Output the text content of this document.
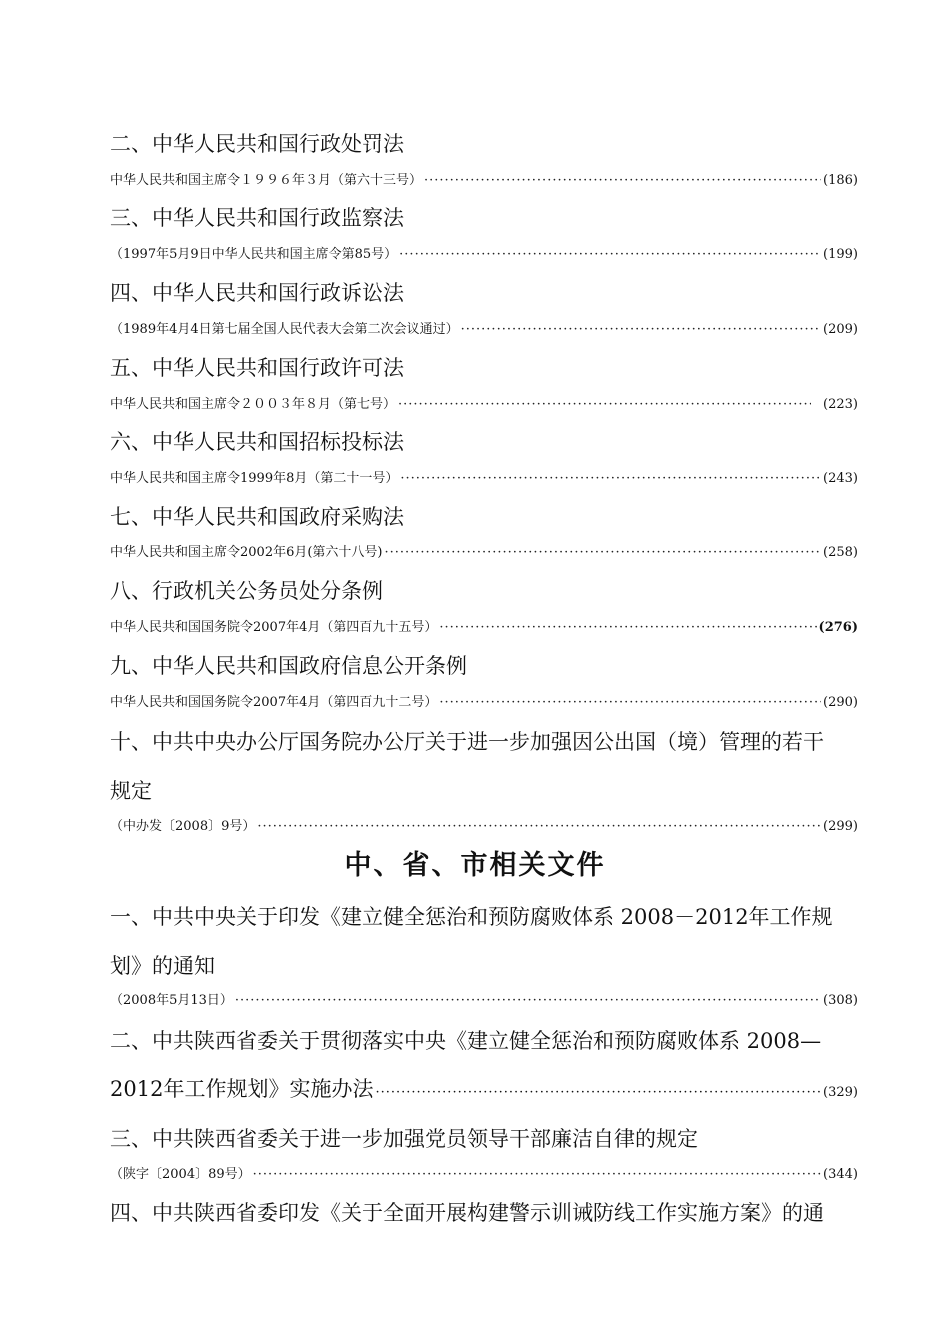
二、中华人民共和国行政处罚法
中华人民共和国主席令１９９６年３月（第六十三号） ·····	(186)
三、中华人民共和国行政监察法
（1997年5月9日中华人民共和国主席令第85号） ·····	(199)
四、中华人民共和国行政诉讼法
（1989年4月4日第七届全国人民代表大会第二次会议通过） ·····	(209)
五、中华人民共和国行政许可法
中华人民共和国主席令２００３年８月（第七号） ·····	(223)
六、中华人民共和国招标投标法
中华人民共和国主席令1999年8月（第二十一号） ·····	(243)
七、中华人民共和国政府采购法
中华人民共和国主席令2002年6月(第六十八号) ·····	(258)
八、行政机关公务员处分条例
中华人民共和国国务院令2007年4月（第四百九十五号） ·····	(276)
九、中华人民共和国政府信息公开条例
中华人民共和国国务院令2007年4月（第四百九十二号） ·····	(290)
十、中共中央办公厅国务院办公厅关于进一步加强因公出国（境）管理的若干
规定
（中办发〔2008〕9号） ·····	(299)
中、省、市相关文件
一、中共中央关于印发《建立健全惩治和预防腐败体系 2008－2012年工作规
划》的通知
（2008年5月13日） ·····	(308)
二、中共陕西省委关于贯彻落实中央《建立健全惩治和预防腐败体系 2008—
2012年工作规划》实施办法 ·····	(329)
三、中共陕西省委关于进一步加强党员领导干部廉洁自律的规定
（陕字〔2004〕89号） ·····	(344)
四、中共陕西省委印发《关于全面开展构建警示训诫防线工作实施方案》的通
